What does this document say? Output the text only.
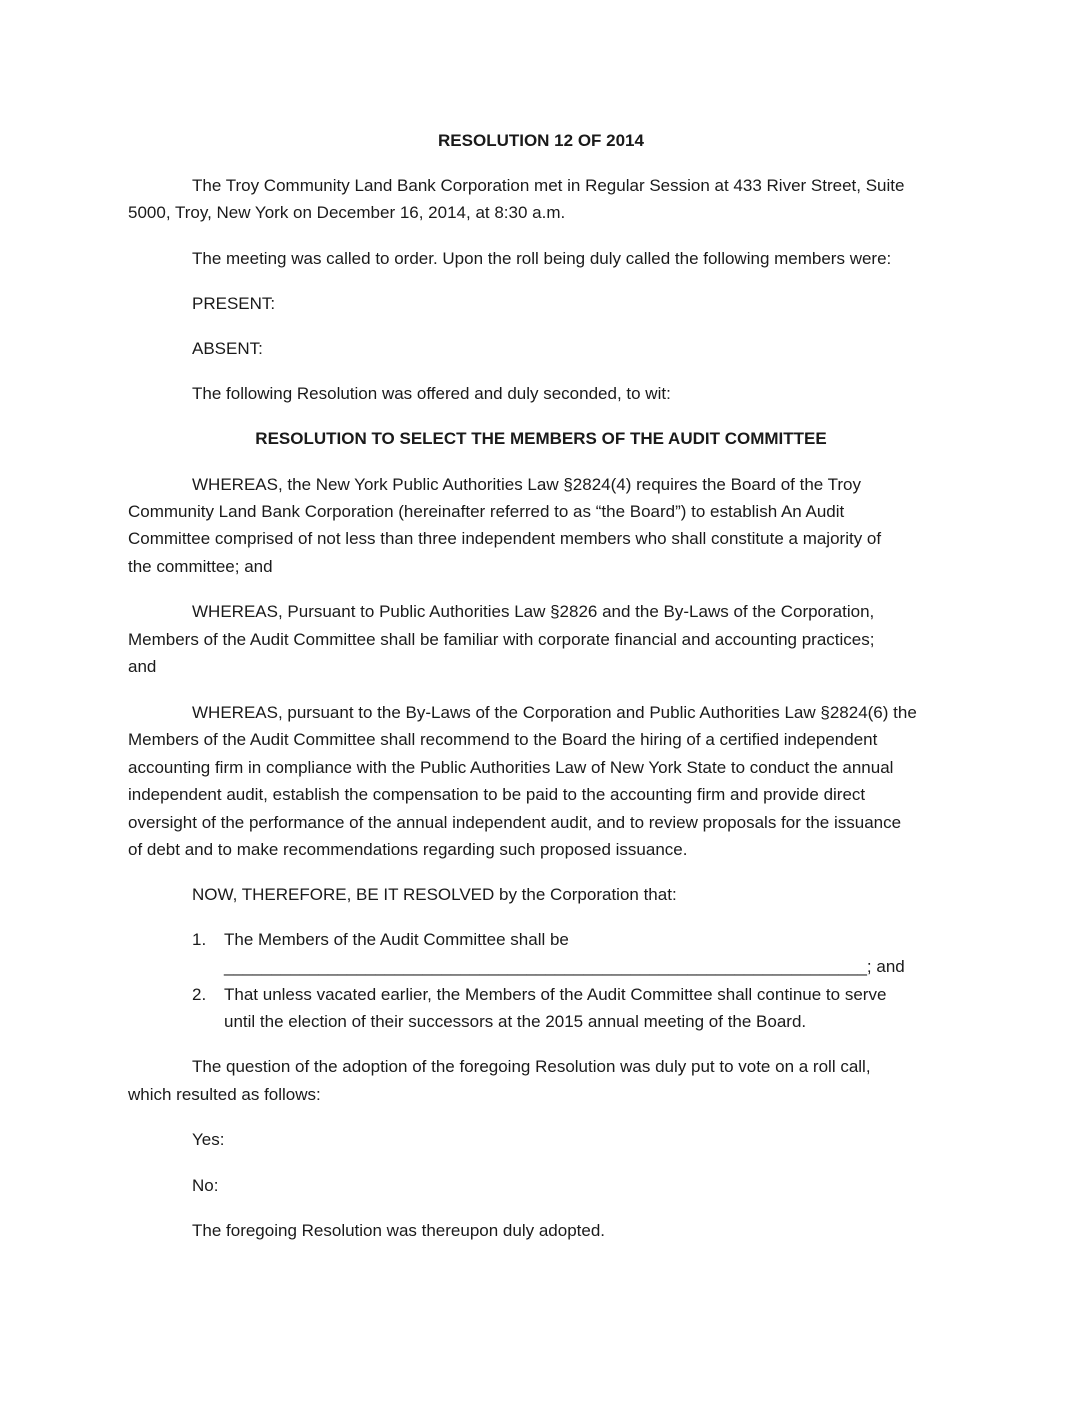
RESOLUTION 12 OF 2014
The Troy Community Land Bank Corporation met in Regular Session at 433 River Street, Suite
5000, Troy, New York on December 16, 2014, at 8:30 a.m.
The meeting was called to order. Upon the roll being duly called the following members were:
PRESENT:
ABSENT:
The following Resolution was offered and duly seconded, to wit:
RESOLUTION TO SELECT THE MEMBERS OF THE AUDIT COMMITTEE
WHEREAS, the New York Public Authorities Law §2824(4) requires the Board of the Troy
Community Land Bank Corporation (hereinafter referred to as “the Board”) to establish An Audit
Committee comprised of not less than three independent members who shall constitute a majority of
the committee; and
WHEREAS, Pursuant to Public Authorities Law §2826 and the By-Laws of the Corporation,
Members of the Audit Committee shall be familiar with corporate financial and accounting practices;
and
WHEREAS, pursuant to the By-Laws of the Corporation and Public Authorities Law §2824(6) the
Members of the Audit Committee shall recommend to the Board the hiring of a certified independent
accounting firm in compliance with the Public Authorities Law of New York State to conduct the annual
independent audit, establish the compensation to be paid to the accounting firm and provide direct
oversight of the performance of the annual independent audit, and to review proposals for the issuance
of debt and to make recommendations regarding such proposed issuance.
NOW, THEREFORE, BE IT RESOLVED by the Corporation that:
1. The Members of the Audit Committee shall be
____________________________________________________________________; and
2. That unless vacated earlier, the Members of the Audit Committee shall continue to serve
until the election of their successors at the 2015 annual meeting of the Board.
The question of the adoption of the foregoing Resolution was duly put to vote on a roll call,
which resulted as follows:
Yes:
No:
The foregoing Resolution was thereupon duly adopted.
